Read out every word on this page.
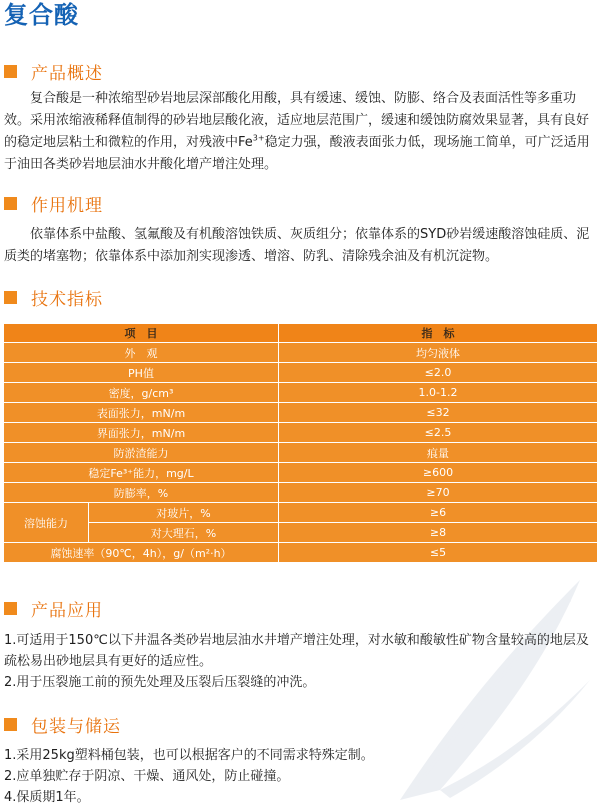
复合酸
产品概述
复合酸是一种浓缩型砂岩地层深部酸化用酸，具有缓速、缓蚀、防膨、络合及表面活性等多重功效。采用浓缩液稀释值制得的砂岩地层酸化液，适应地层范围广，缓速和缓蚀防腐效果显著，具有良好的稳定地层粘土和微粒的作用，对残液中$Fe^{3+}$稳定力强，酸液表面张力低，现场施工简单，可广泛适用于油田各类砂岩地层油水井酸化增产增注处理。
作用机理
依靠体系中盐酸、氢氟酸及有机酸溶蚀铁质、灰质组分；依靠体系的SYD砂岩缓速酸溶蚀硅质、泥质类的堵塞物；依靠体系中添加剂实现渗透、增溶、防乳、清除残余油及有机沉淀物。
技术指标
项　目		指　标
外　观		均匀液体
PH值		≤2.0
密度，g/cm³		1.0-1.2
表面张力，mN/m		≤32
界面张力，mN/m		≤2.5
防淤渣能力		痕量
稳定Fe³⁺能力，mg/L		≥600
防膨率，%		≥70
溶蚀能力	对玻片，%	≥6
	对大理石，%	≥8
腐蚀速率（90℃，4h），g/（m²·h）		≤5
产品应用
1.可适用于150℃以下井温各类砂岩地层油水井增产增注处理，对水敏和酸敏性矿物含量较高的地层及疏松易出砂地层具有更好的适应性。
2.用于压裂施工前的预先处理及压裂后压裂缝的冲洗。
包装与储运
1.采用25kg塑料桶包装，也可以根据客户的不同需求特殊定制。
2.应单独贮存于阴凉、干燥、通风处，防止碰撞。
4.保质期1年。
